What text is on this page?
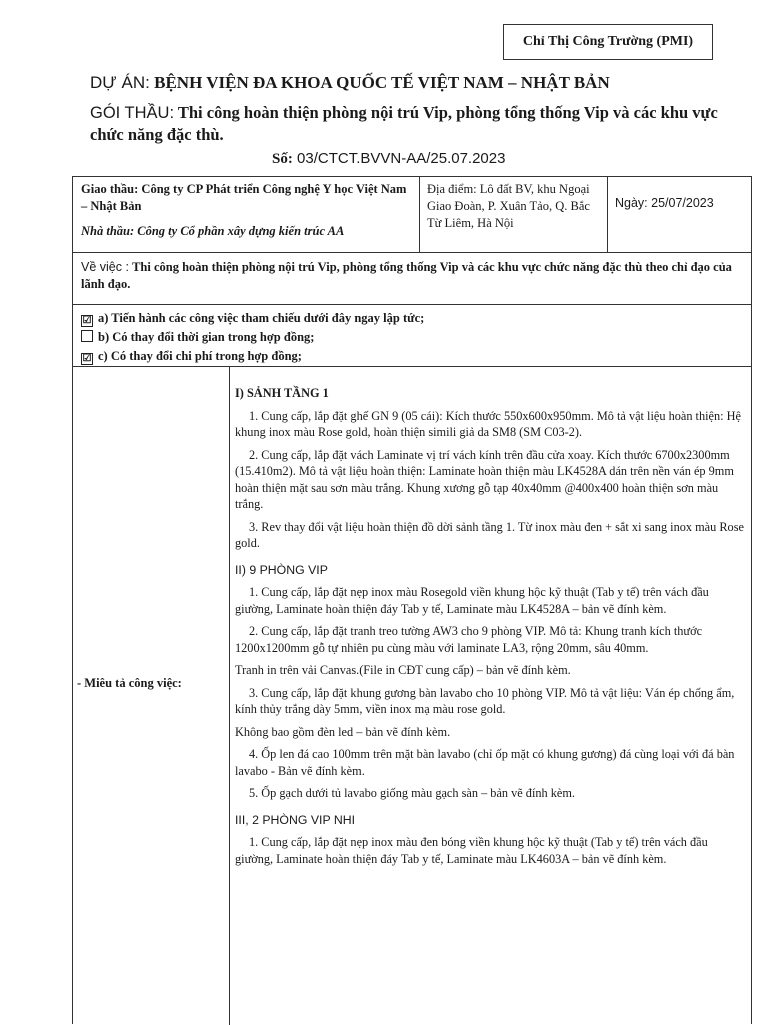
Chỉ Thị Công Trường (PMI)
DỰ ÁN: BỆNH VIỆN ĐA KHOA QUỐC TẾ VIỆT NAM – NHẬT BẢN
GÓI THẦU: Thi công hoàn thiện phòng nội trú Vip, phòng tổng thống Vip và các khu vực chức năng đặc thù.
Số: 03/CTCT.BVVN-AA/25.07.2023
Giao thầu: Công ty CP Phát triển Công nghệ Y học Việt Nam – Nhật Bản
Nhà thầu: Công ty Cổ phần xây dựng kiến trúc AA
Địa điểm: Lô đất BV, khu Ngoại Giao Đoàn, P. Xuân Tảo, Q. Bắc Từ Liêm, Hà Nội
Ngày: 25/07/2023
Về việc : Thi công hoàn thiện phòng nội trú Vip, phòng tổng thống Vip và các khu vực chức năng đặc thù theo chỉ đạo của lãnh đạo.
☑ a) Tiến hành các công việc tham chiếu dưới đây ngay lập tức;
b) Có thay đổi thời gian trong hợp đồng;
☑ c) Có thay đổi chi phí trong hợp đồng;
- Miêu tả công việc:
I) SẢNH TẦNG 1

1. Cung cấp, lắp đặt ghế GN 9 (05 cái): Kích thước 550x600x950mm. Mô tả vật liệu hoàn thiện: Hệ khung inox màu Rose gold, hoàn thiện simili giả da SM8 (SM C03-2).

2. Cung cấp, lắp đặt vách Laminate vị trí vách kính trên đầu cửa xoay. Kích thước 6700x2300mm (15.410m2). Mô tả vật liệu hoàn thiện: Laminate hoàn thiện màu LK4528A dán trên nền ván ép 9mm hoàn thiện mặt sau sơn màu trắng. Khung xương gỗ tạp 40x40mm @400x400 hoàn thiện sơn màu trắng.

3. Rev thay đổi vật liệu hoàn thiện đồ dời sảnh tầng 1. Từ inox màu đen + sắt xi sang inox màu Rose gold.

II) 9 PHÒNG VIP

1. Cung cấp, lắp đặt nẹp inox màu Rosegold viền khung hộc kỹ thuật (Tab y tế) trên vách đầu giường, Laminate hoàn thiện đáy Tab y tế, Laminate màu LK4528A – bản vẽ đính kèm.

2. Cung cấp, lắp đặt tranh treo tường AW3 cho 9 phòng VIP. Mô tả: Khung tranh kích thước 1200x1200mm gỗ tự nhiên pu cùng màu với laminate LA3, rộng 20mm, sâu 40mm.

Tranh in trên vải Canvas.(File in CĐT cung cấp) – bản vẽ đính kèm.

3. Cung cấp, lắp đặt khung gương bàn lavabo cho 10 phòng VIP. Mô tả vật liệu: Ván ép chống ẩm, kính thủy trắng dày 5mm, viền inox mạ màu rose gold.

Không bao gồm đèn led – bản vẽ đính kèm.

4. Ốp len đá cao 100mm trên mặt bàn lavabo (chỉ ốp mặt có khung gương) đá cùng loại với đá bàn lavabo - Bản vẽ đính kèm.

5. Ốp gạch dưới tủ lavabo giống màu gạch sàn – bản vẽ đính kèm.

III, 2 PHÒNG VIP NHI

1. Cung cấp, lắp đặt nẹp inox màu đen bóng viền khung hộc kỹ thuật (Tab y tế) trên vách đầu giường, Laminate hoàn thiện đáy Tab y tế, Laminate màu LK4603A – bản vẽ đính kèm.
